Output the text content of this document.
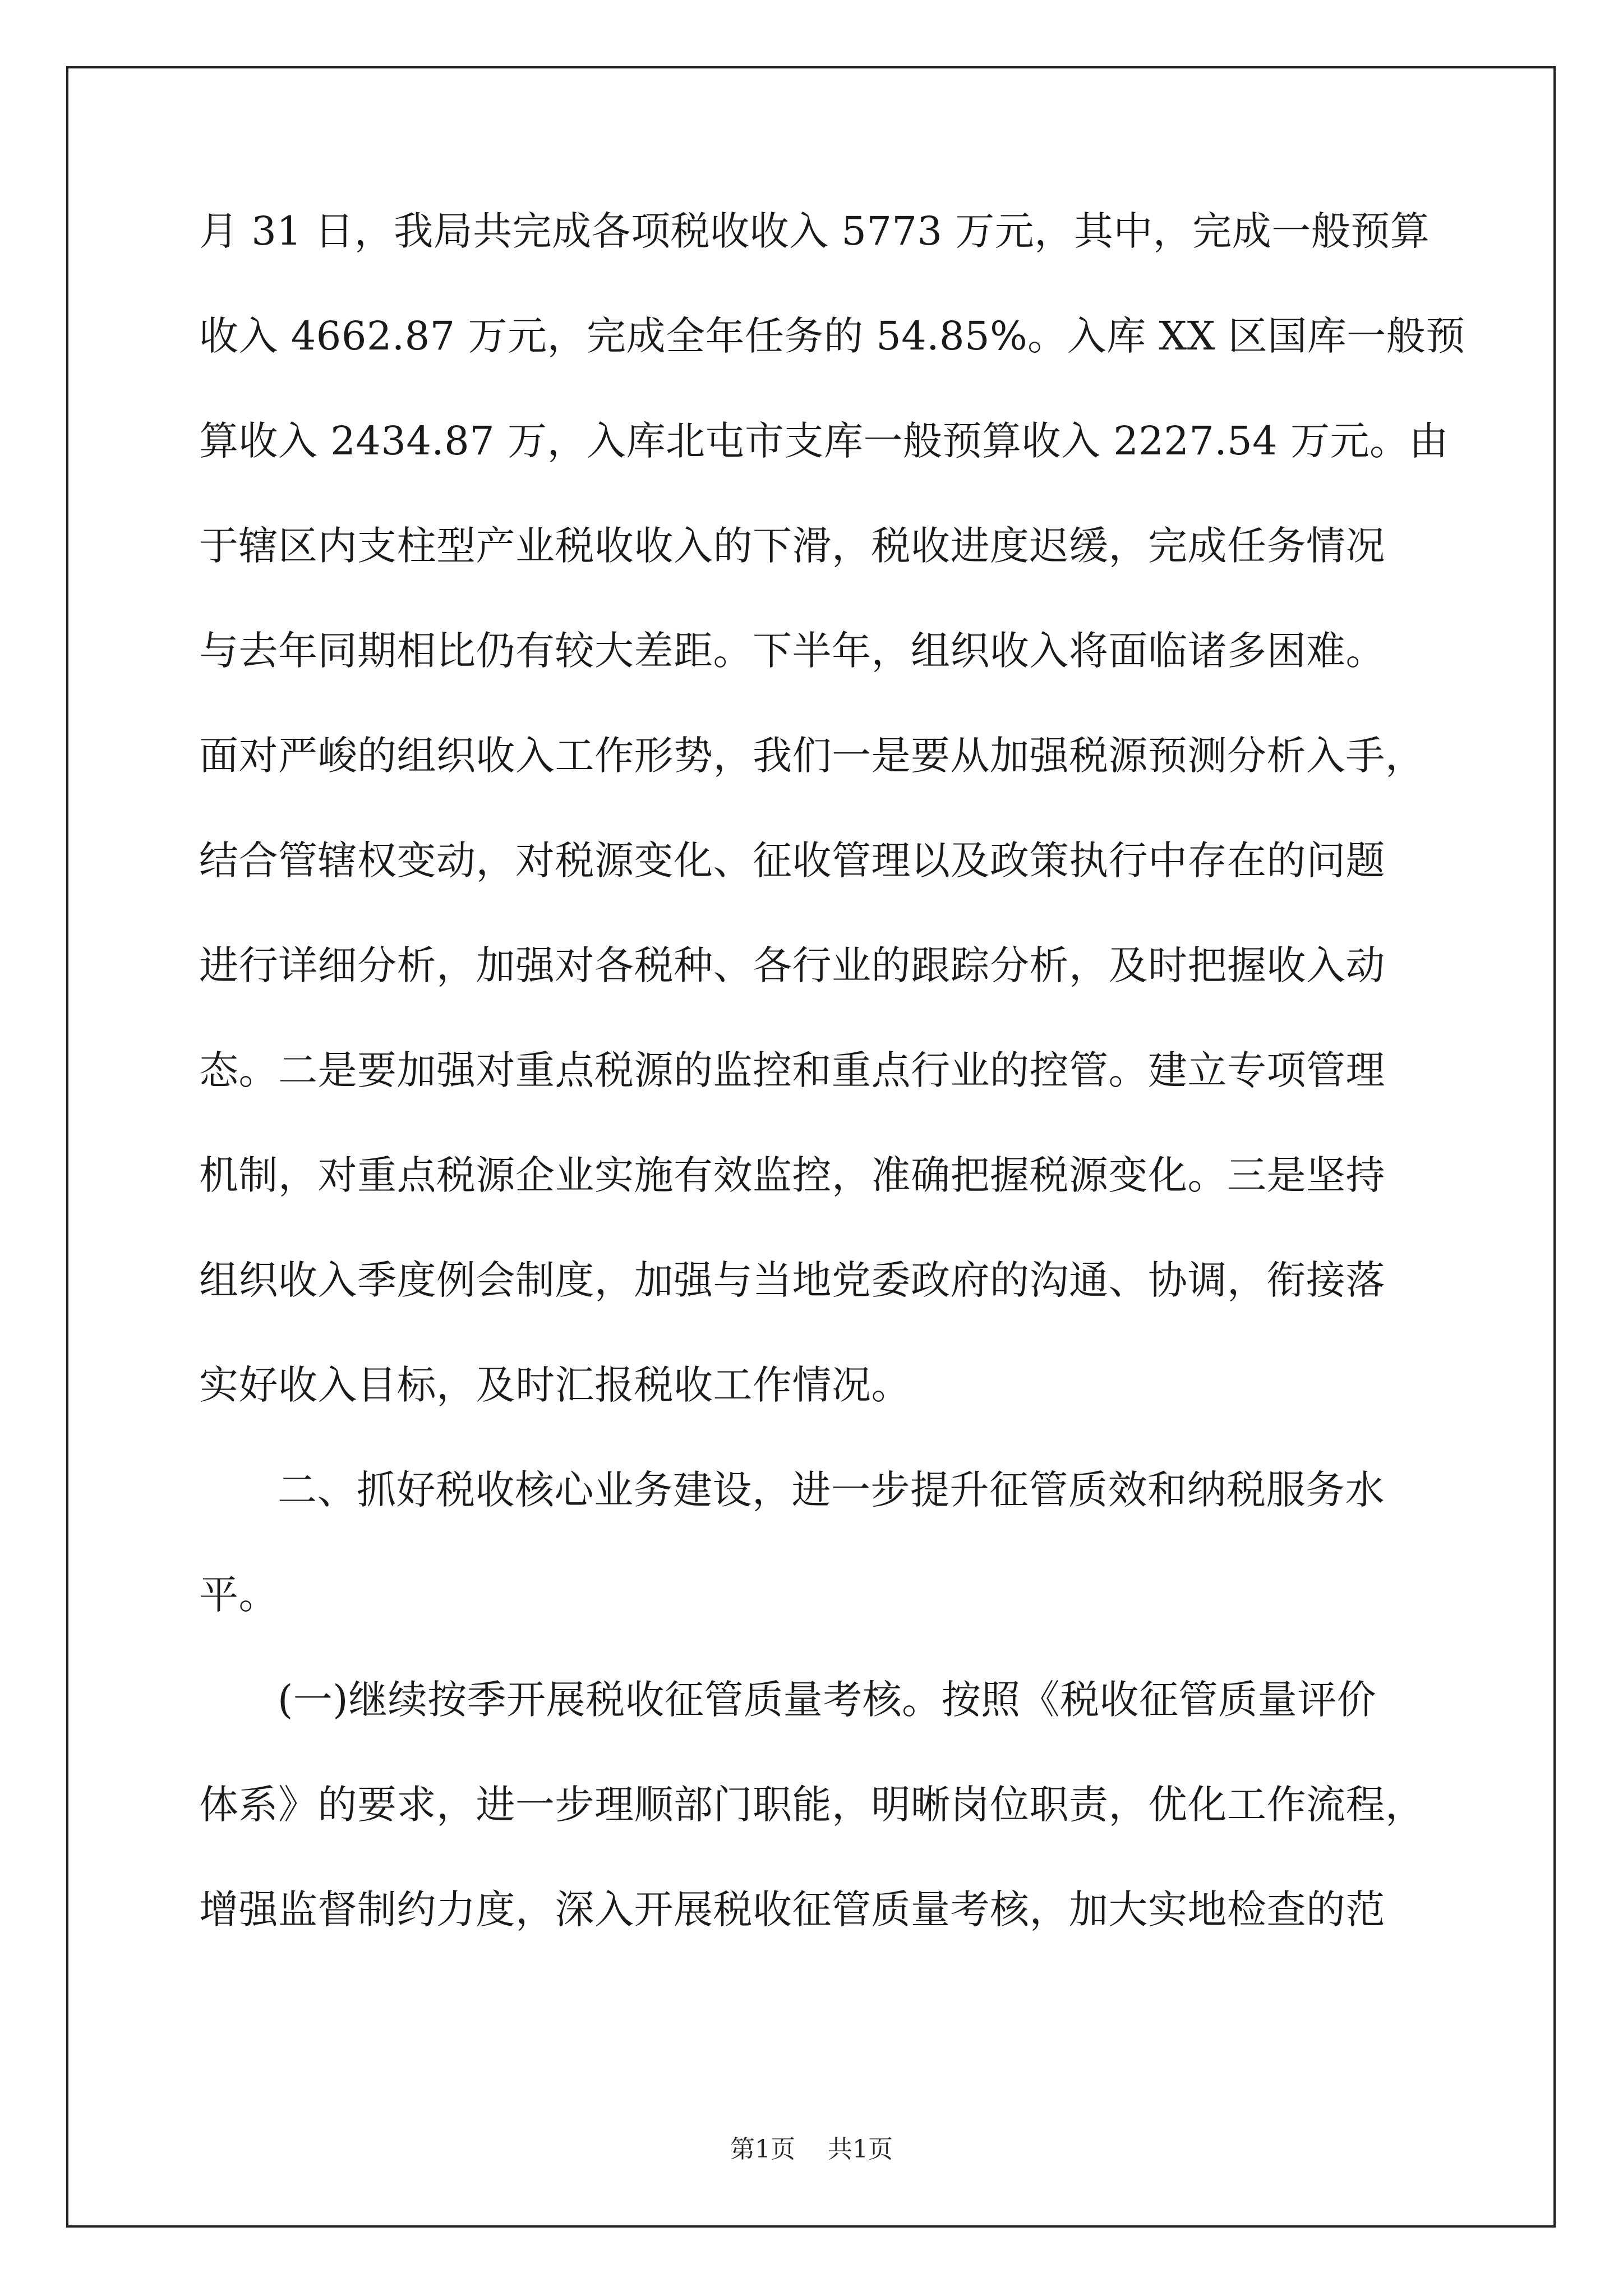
月 31 日，我局共完成各项税收收入 5773 万元，其中，完成一般预算
收入 4662.87 万元，完成全年任务的 54.85%。入库 XX 区国库一般预
算收入 2434.87 万，入库北屯市支库一般预算收入 2227.54 万元。由
于辖区内支柱型产业税收收入的下滑，税收进度迟缓，完成任务情况
与去年同期相比仍有较大差距。下半年，组织收入将面临诸多困难。
面对严峻的组织收入工作形势，我们一是要从加强税源预测分析入手，
结合管辖权变动，对税源变化、征收管理以及政策执行中存在的问题
进行详细分析，加强对各税种、各行业的跟踪分析，及时把握收入动
态。二是要加强对重点税源的监控和重点行业的控管。建立专项管理
机制，对重点税源企业实施有效监控，准确把握税源变化。三是坚持
组织收入季度例会制度，加强与当地党委政府的沟通、协调，衔接落
实好收入目标，及时汇报税收工作情况。
二、抓好税收核心业务建设，进一步提升征管质效和纳税服务水
平。
(一)继续按季开展税收征管质量考核。按照《税收征管质量评价
体系》的要求，进一步理顺部门职能，明晰岗位职责，优化工作流程，
增强监督制约力度，深入开展税收征管质量考核，加大实地检查的范
第1页 共1页
